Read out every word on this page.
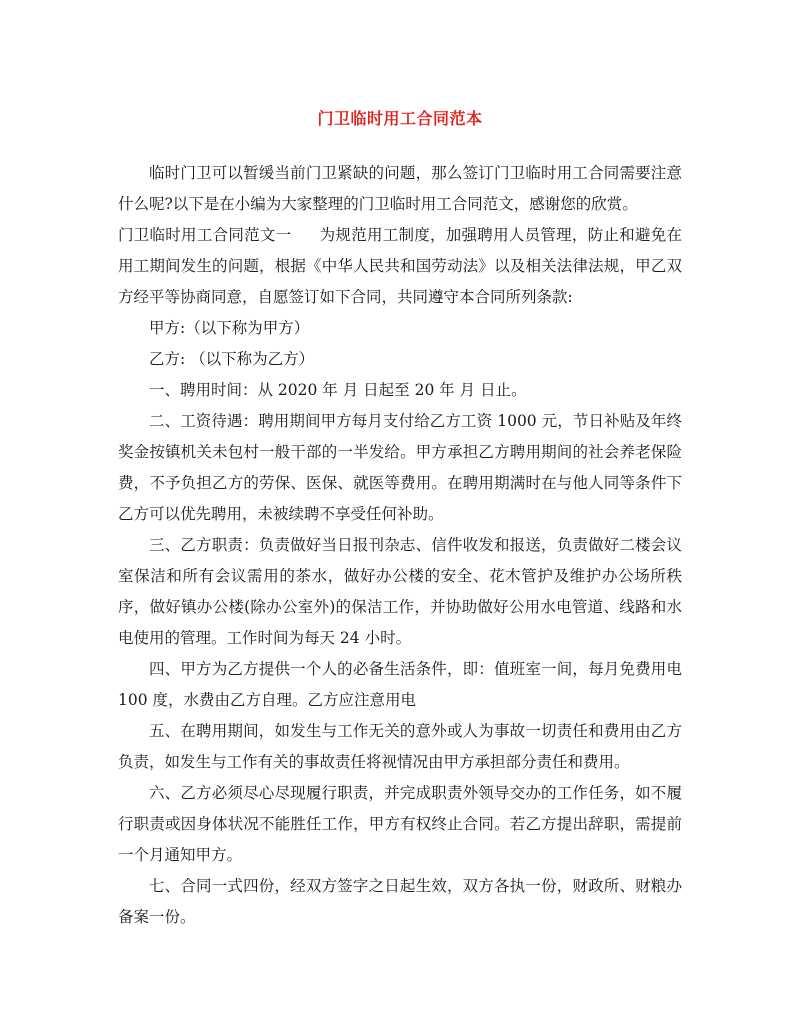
门卫临时用工合同范本

临时门卫可以暂缓当前门卫紧缺的问题，那么签订门卫临时用工合同需要注意什么呢?以下是在小编为大家整理的门卫临时用工合同范文，感谢您的欣赏。

门卫临时用工合同范文一 为规范用工制度，加强聘用人员管理，防止和避免在用工期间发生的问题，根据《中华人民共和国劳动法》以及相关法律法规，甲乙双方经平等协商同意，自愿签订如下合同，共同遵守本合同所列条款:

甲方:（以下称为甲方）

乙方: （以下称为乙方）

一、聘用时间：从 2020 年 月 日起至 20 年 月 日止。

二、工资待遇：聘用期间甲方每月支付给乙方工资 1000 元，节日补贴及年终奖金按镇机关未包村一般干部的一半发给。甲方承担乙方聘用期间的社会养老保险费，不予负担乙方的劳保、医保、就医等费用。在聘用期满时在与他人同等条件下乙方可以优先聘用，未被续聘不享受任何补助。

三、乙方职责：负责做好当日报刊杂志、信件收发和报送，负责做好二楼会议室保洁和所有会议需用的茶水，做好办公楼的安全、花木管护及维护办公场所秩序，做好镇办公楼(除办公室外)的保洁工作，并协助做好公用水电管道、线路和水电使用的管理。工作时间为每天 24 小时。

四、甲方为乙方提供一个人的必备生活条件，即：值班室一间，每月免费用电 100 度，水费由乙方自理。乙方应注意用电

五、在聘用期间，如发生与工作无关的意外或人为事故一切责任和费用由乙方负责，如发生与工作有关的事故责任将视情况由甲方承担部分责任和费用。

六、乙方必须尽心尽现履行职责，并完成职责外领导交办的工作任务，如不履行职责或因身体状况不能胜任工作，甲方有权终止合同。若乙方提出辞职，需提前一个月通知甲方。

七、合同一式四份，经双方签字之日起生效，双方各执一份，财政所、财粮办备案一份。
